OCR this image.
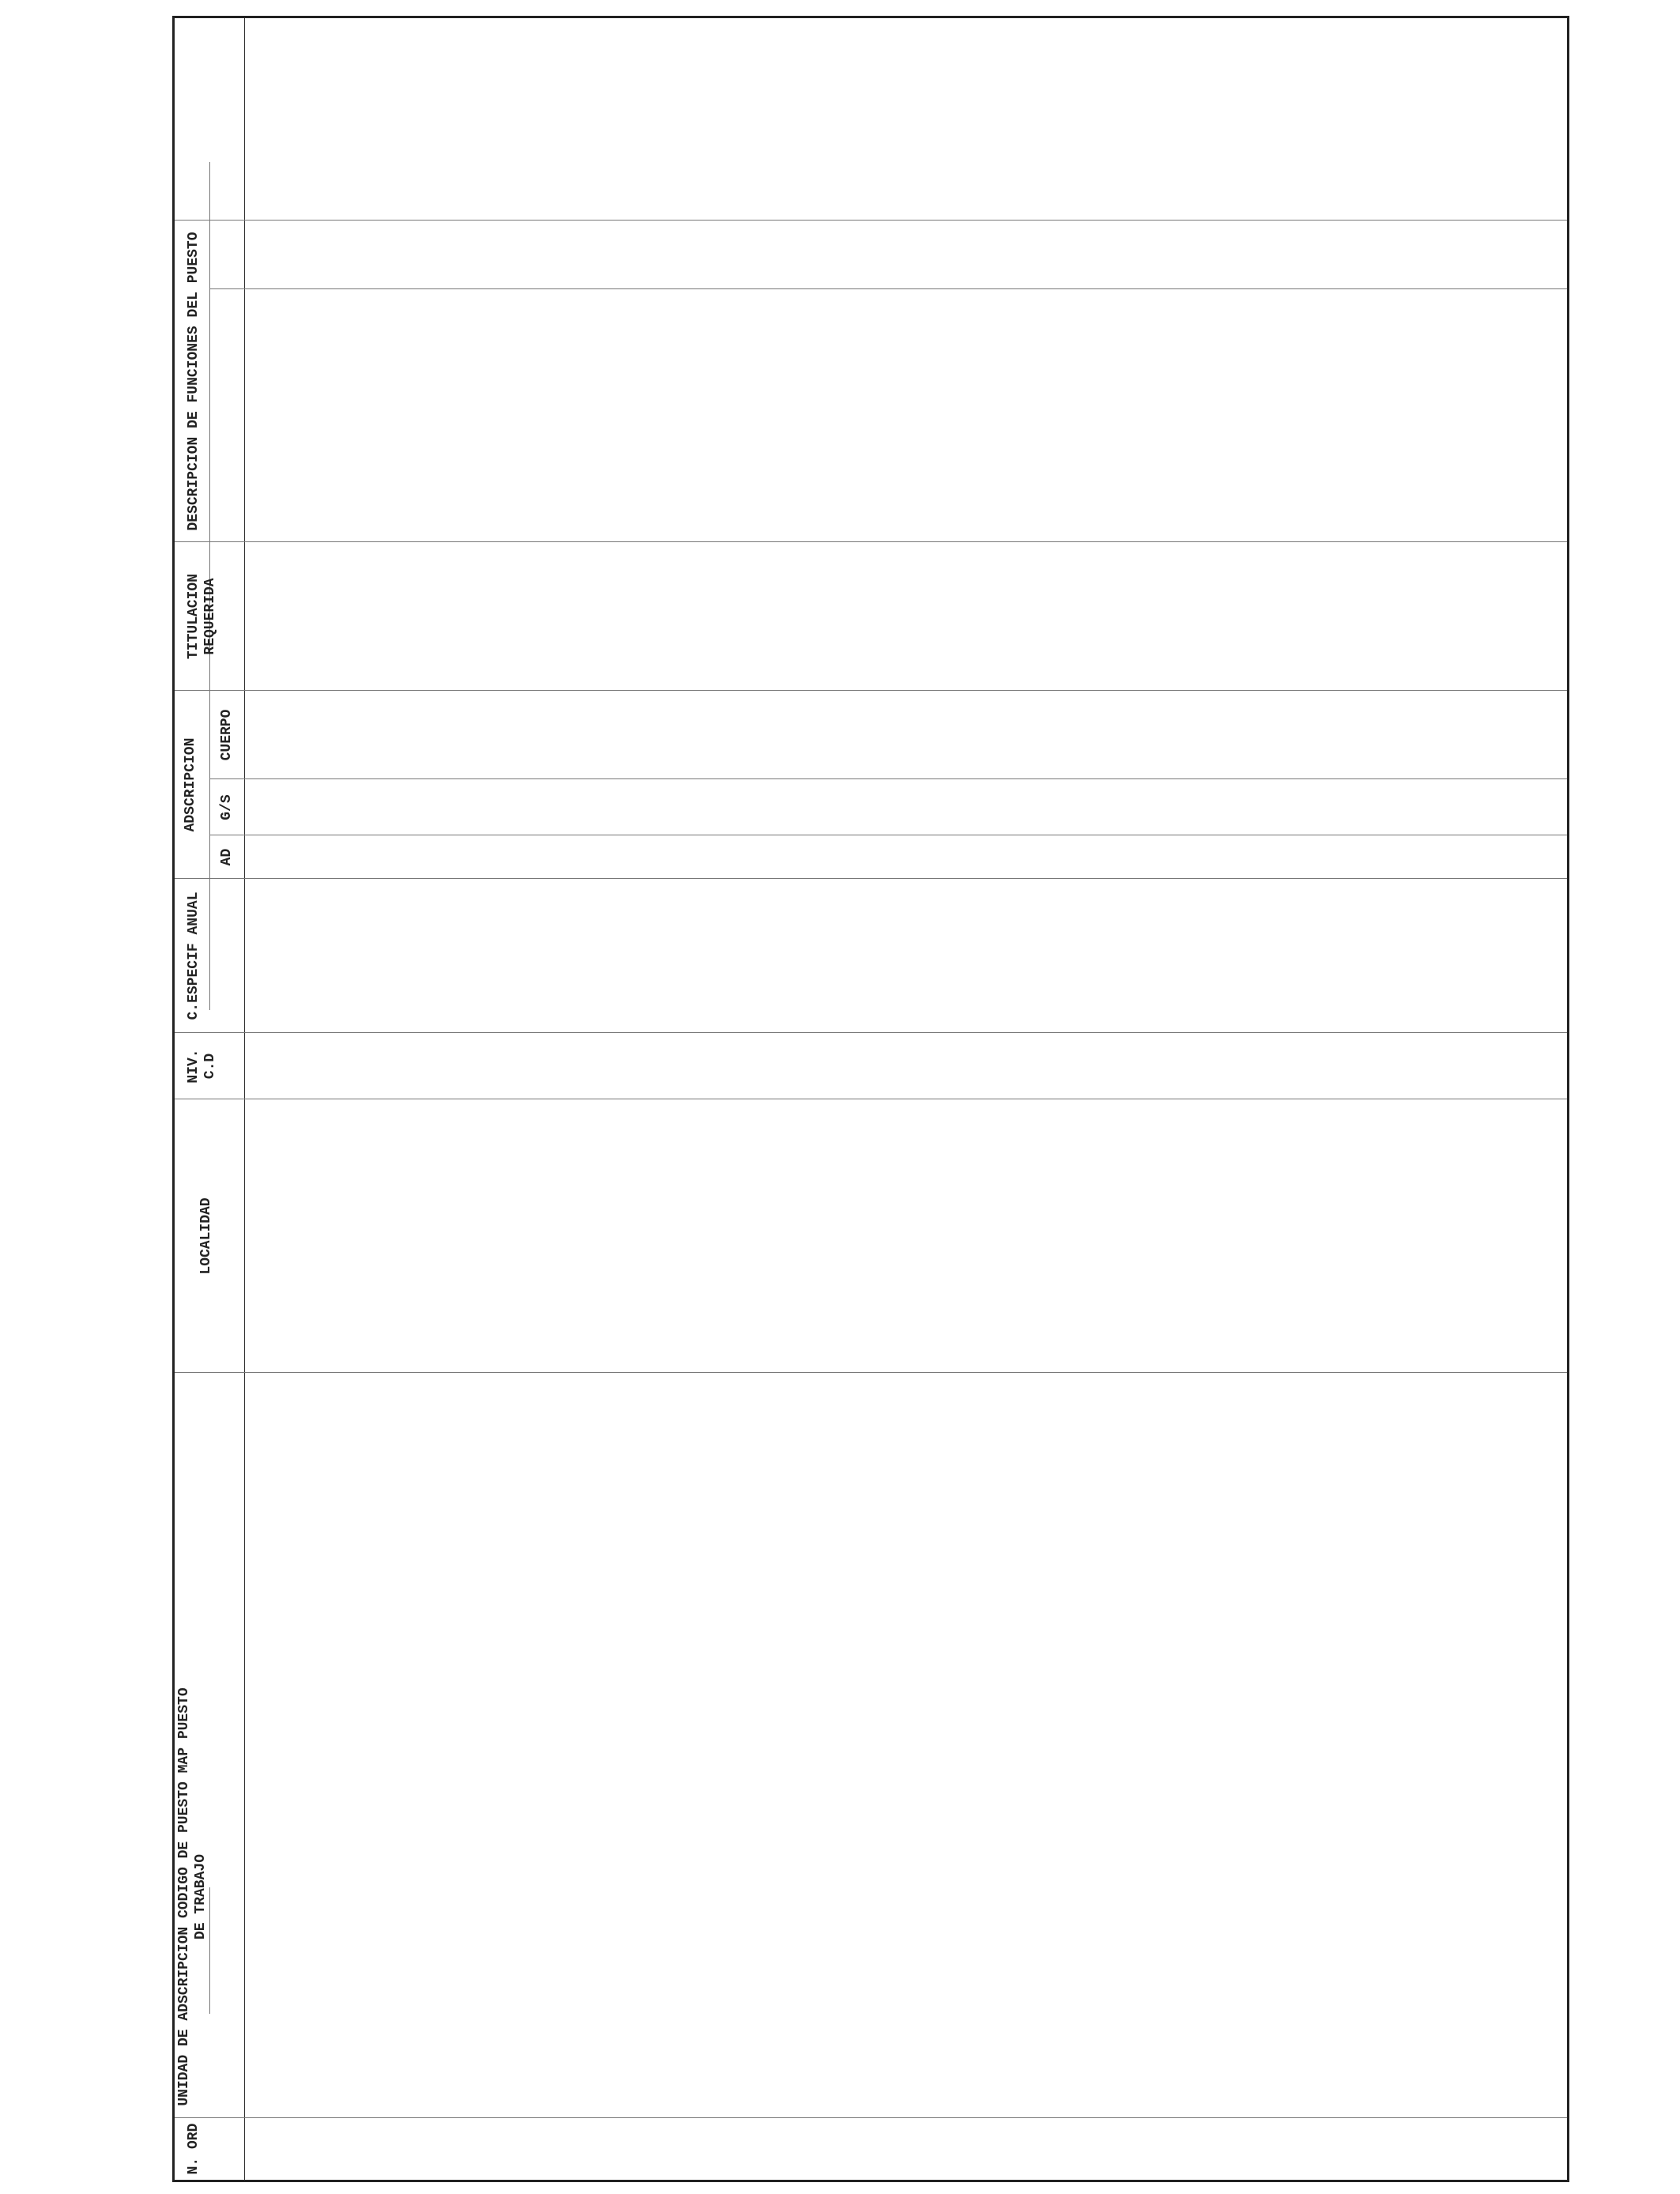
N. ORD
UNIDAD DE ADSCRIPCION CODIGO DE PUESTO MAP PUESTO DE TRABAJO
LOCALIDAD
NIV. C.D
C.ESPECIF ANUAL
ADSCRIPCION
AD
G/S
CUERPO
TITULACION REQUERIDA
DESCRIPCION DE FUNCIONES DEL PUESTO
